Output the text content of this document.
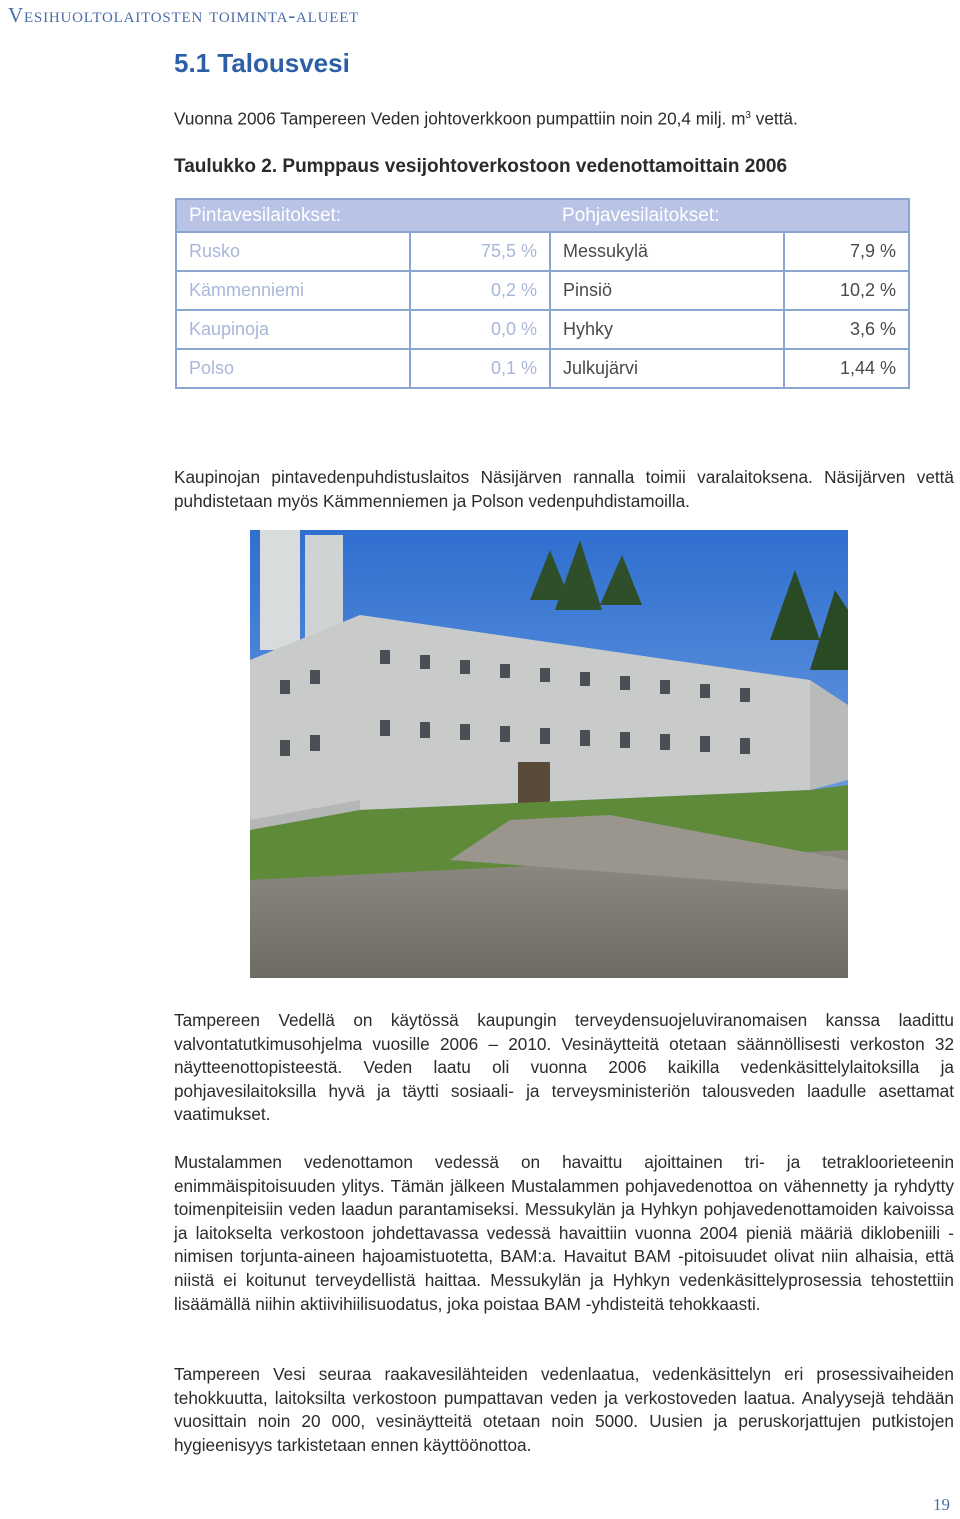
Vesihuoltolaitosten toiminta-alueet
5.1 Talousvesi

Vuonna 2006 Tampereen Veden johtoverkkoon pumpattiin noin 20,4 milj. $m^3$ vettä.

Taulukko 2. Pumppaus vesijohtoverkostoon vedenottamoittain 2006

Pintavesilaitokset:		Pohjavesilaitokset:	
Rusko	75,5 %	Messukylä	7,9 %
Kämmenniemi	0,2 %	Pinsiö	10,2 %
Kaupinoja	0,0 %	Hyhky	3,6 %
Polso	0,1 %	Julkujärvi	1,44 %

Kaupinojan pintavedenpuhdistuslaitos Näsijärven rannalla toimii varalaitoksena. Näsijärven vettä puhdistetaan myös Kämmenniemen ja Polson vedenpuhdistamoilla.

Tampereen Vedellä on käytössä kaupungin terveydensuojeluviranomaisen kanssa laadittu valvontatutkimusohjelma vuosille 2006 – 2010. Vesinäytteitä otetaan säännöllisesti verkoston 32 näytteenottopisteestä. Veden laatu oli vuonna 2006 kaikilla vedenkäsittelylaitoksilla ja pohjavesilaitoksilla hyvä ja täytti sosiaali- ja terveysministeriön talousveden laadulle asettamat vaatimukset.

Mustalammen vedenottamon vedessä on havaittu ajoittainen tri- ja tetrakloorieteenin enimmäispitoisuuden ylitys. Tämän jälkeen Mustalammen pohjavedenottoa on vähennetty ja ryhdytty toimenpiteisiin veden laadun parantamiseksi. Messukylän ja Hyhkyn pohjavedenottamoiden kaivoissa ja laitokselta verkostoon johdettavassa vedessä havaittiin vuonna 2004 pieniä määriä diklobeniili -nimisen torjunta-aineen hajoamistuotetta, BAM:a. Havaitut BAM -pitoisuudet olivat niin alhaisia, että niistä ei koitunut terveydellistä haittaa. Messukylän ja Hyhkyn vedenkäsittelyprosessia tehostettiin lisäämällä niihin aktiivihiilisuodatus, joka poistaa BAM -yhdisteitä tehokkaasti.

Tampereen Vesi seuraa raakavesilähteiden vedenlaatua, vedenkäsittelyn eri prosessivaiheiden tehokkuutta, laitoksilta verkostoon pumpattavan veden ja verkostoveden laatua. Analyysejä tehdään vuosittain noin 20 000, vesinäytteitä otetaan noin 5000. Uusien ja peruskorjattujen putkistojen hygieenisyys tarkistetaan ennen käyttöönottoa.

19
